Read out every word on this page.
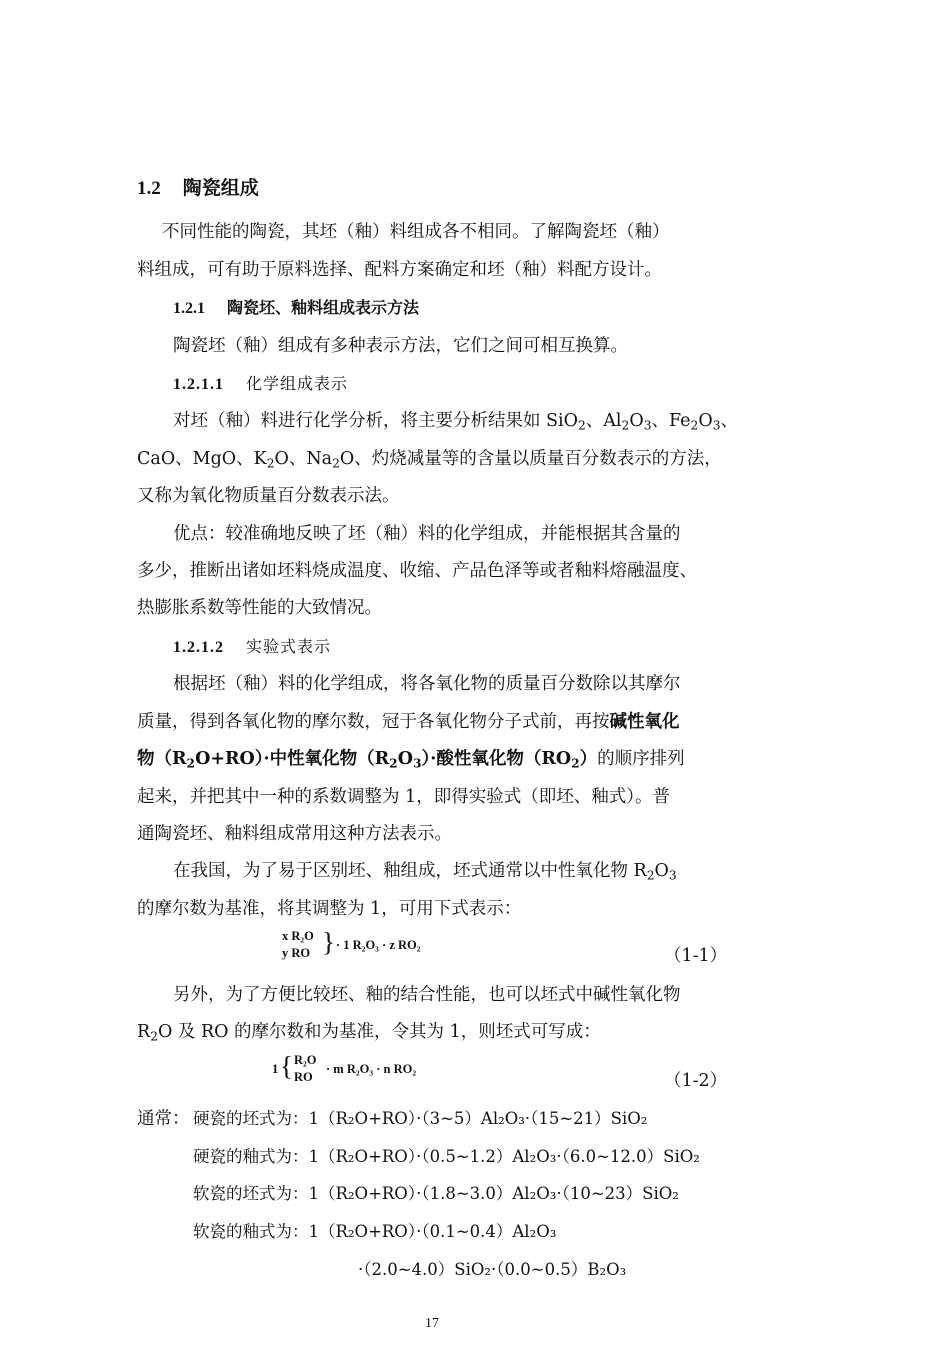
1.2 陶瓷组成
不同性能的陶瓷，其坯（釉）料组成各不相同。了解陶瓷坯（釉）
料组成，可有助于原料选择、配料方案确定和坯（釉）料配方设计。
1.2.1 陶瓷坯、釉料组成表示方法
陶瓷坯（釉）组成有多种表示方法，它们之间可相互换算。
1.2.1.1 化学组成表示
对坯（釉）料进行化学分析，将主要分析结果如 SiO$_2$、$Al_2O_3$、$Fe_2O_3$、
CaO、MgO、$K_2O$、$Na_2O$、灼烧减量等的含量以质量百分数表示的方法，
又称为氧化物质量百分数表示法。
优点：较准确地反映了坯（釉）料的化学组成，并能根据其含量的
多少，推断出诸如坯料烧成温度、收缩、产品色泽等或者釉料熔融温度、
热膨胀系数等性能的大致情况。
1.2.1.2 实验式表示
根据坯（釉）料的化学组成，将各氧化物的质量百分数除以其摩尔
质量，得到各氧化物的摩尔数，冠于各氧化物分子式前，再按碱性氧化
物$(R_2O+RO)\cdot$中性氧化物$(R_2O_3)\cdot$酸性氧化物$(RO_2)$的顺序排列
起来，并把其中一种的系数调整为 1，即得实验式（即坯、釉式）。普
通陶瓷坯、釉料组成常用这种方法表示。
在我国，为了易于区别坯、釉组成，坯式通常以中性氧化物 $R_2O_3$
的摩尔数为基准，将其调整为 1，可用下式表示：
x R₂O
y RO } · 1 R₂O₃ · z RO₂
（1-1）
另外，为了方便比较坯、釉的结合性能，也可以坯式中碱性氧化物
$R_2O$ 及 RO 的摩尔数和为基准，令其为 1，则坯式可写成：
1 { R₂O
RO
· m R₂O₃ · n RO₂
（1-2）
通常： 硬瓷的坯式为：1（R₂O+RO）·（3~5）Al₂O₃·（15~21）SiO₂
硬瓷的釉式为：1（R₂O+RO）·（0.5~1.2）Al₂O₃·（6.0~12.0）SiO₂
软瓷的坯式为：1（R₂O+RO）·（1.8~3.0）Al₂O₃·（10~23）SiO₂
软瓷的釉式为：1（R₂O+RO）·（0.1~0.4）Al₂O₃
·（2.0~4.0）SiO₂·（0.0~0.5）B₂O₃
17
